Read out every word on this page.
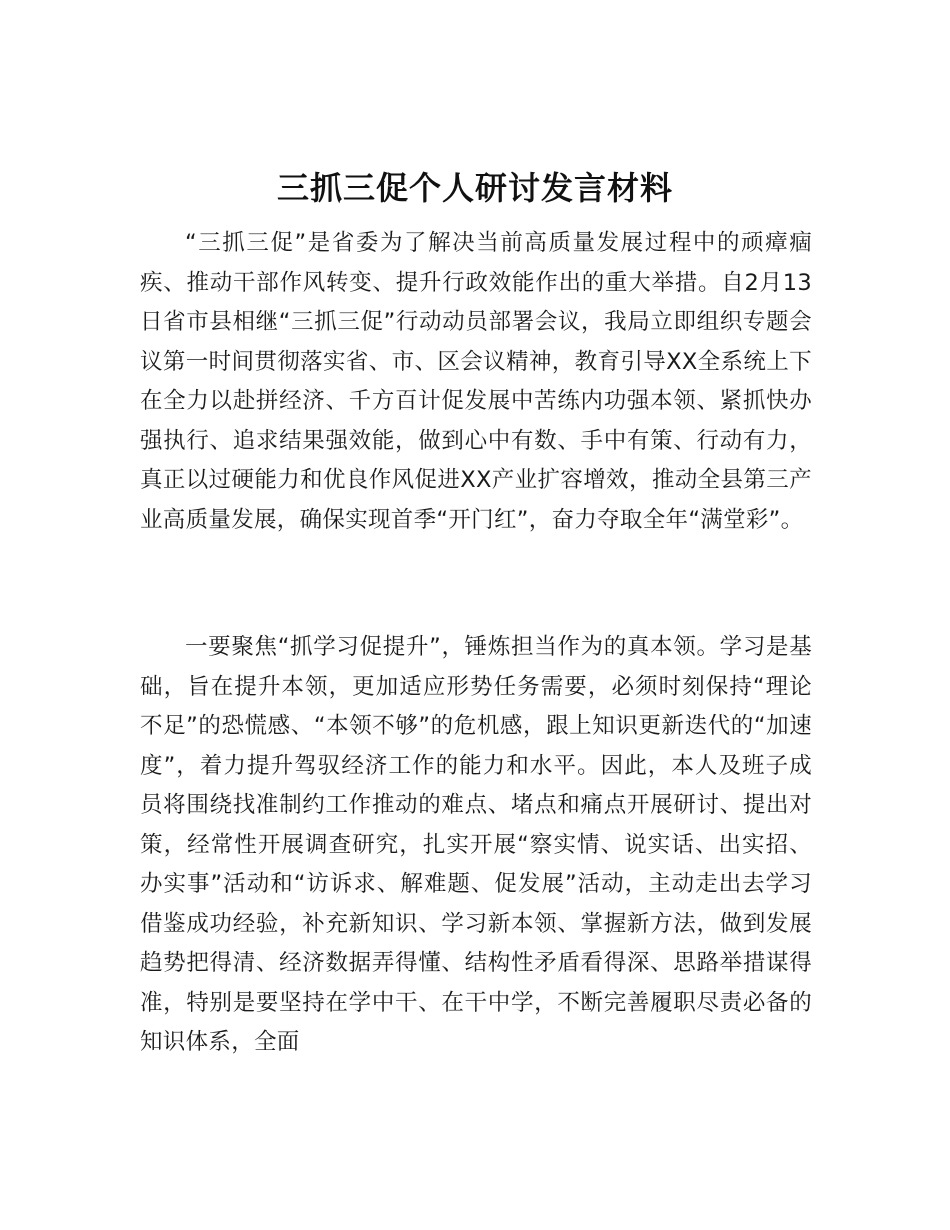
三抓三促个人研讨发言材料

“三抓三促”是省委为了解决当前高质量发展过程中的顽瘴痼疾、推动干部作风转变、提升行政效能作出的重大举措。自2月13日省市县相继“三抓三促”行动动员部署会议，我局立即组织专题会议第一时间贯彻落实省、市、区会议精神，教育引导XX全系统上下在全力以赴拼经济、千方百计促发展中苦练内功强本领、紧抓快办强执行、追求结果强效能，做到心中有数、手中有策、行动有力，真正以过硬能力和优良作风促进XX产业扩容增效，推动全县第三产业高质量发展，确保实现首季“开门红”，奋力夺取全年“满堂彩”。

一要聚焦“抓学习促提升”，锤炼担当作为的真本领。学习是基础，旨在提升本领，更加适应形势任务需要，必须时刻保持“理论不足”的恐慌感、“本领不够”的危机感，跟上知识更新迭代的“加速度”，着力提升驾驭经济工作的能力和水平。因此，本人及班子成员将围绕找准制约工作推动的难点、堵点和痛点开展研讨、提出对策，经常性开展调查研究，扎实开展“察实情、说实话、出实招、办实事”活动和“访诉求、解难题、促发展”活动，主动走出去学习借鉴成功经验，补充新知识、学习新本领、掌握新方法，做到发展趋势把得清、经济数据弄得懂、结构性矛盾看得深、思路举措谋得准，特别是要坚持在学中干、在干中学，不断完善履职尽责必备的知识体系，全面
